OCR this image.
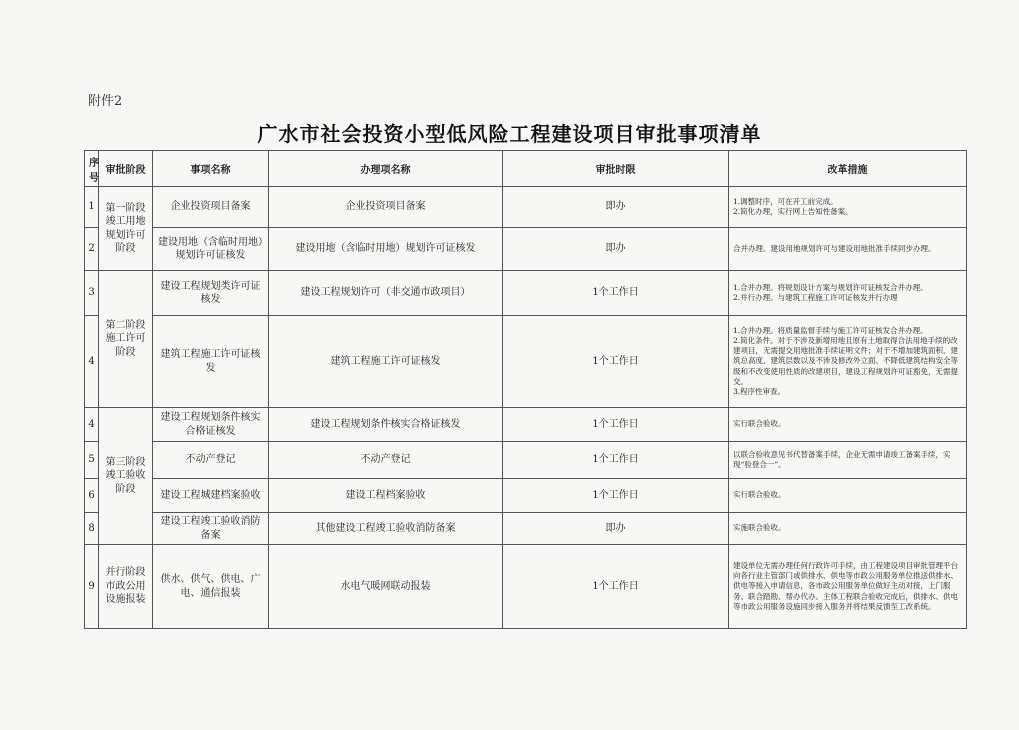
附件2
广水市社会投资小型低风险工程建设项目审批事项清单
序号	审批阶段	事项名称	办理项名称	审批时限	改革措施
1	第一阶段竣工用地规划许可阶段	企业投资项目备案	企业投资项目备案	即办	1.调整时序，可在开工前完成。
2.简化办理，实行网上告知性备案。

2		建设用地（含临时用地）规划许可证核发	建设用地（含临时用地）规划许可证核发	即办	合并办理。建设用地规划许可与建设用地批准手续同步办理。

3	第二阶段施工许可阶段	建设工程规划类许可证核发	建设工程规划许可（非交通市政项目）	1个工作日	1.合并办理。将规划设计方案与规划许可证核发合并办理。
2.并行办理。与建筑工程施工许可证核发并行办理

4		建筑工程施工许可证核发	建筑工程施工许可证核发	1个工作日	1.合并办理。将质量监督手续与施工许可证核发合并办理。
2.简化条件。对于不涉及新增用地且原有土地取得合法用地手续的改建项目，无需提交用地批准手续证明文件；对于不增加建筑面积、建筑总高度、建筑层数以及不涉及修改外立面、不降低建筑结构安全等级和不改变使用性质的改建项目，建设工程规划许可证豁免，无需提交。
3.程序性审查。

4	第三阶段竣工验收阶段	建设工程规划条件核实合格证核发	建设工程规划条件核实合格证核发	1个工作日	实行联合验收。

5		不动产登记	不动产登记	1个工作日	以联合验收意见书代替备案手续，企业无需申请竣工备案手续，实现“验登合一”。

6		建设工程城建档案验收	建设工程档案验收	1个工作日	实行联合验收。

8		建设工程竣工验收消防备案	其他建设工程竣工验收消防备案	即办	实施联合验收。

9	并行阶段市政公用设施报装	供水、供气、供电、广电、通信报装	水电气暖网联动报装	1个工作日	建设单位无需办理任何行政许可手续，由工程建设项目审批管理平台向各行业主管部门或供排水、供电等市政公用服务单位推送供排水、供电等接入申请信息，各市政公用服务单位做好主动对接，上门服务、联合踏勘、帮办代办。主体工程联合验收完成后，供排水、供电等市政公用服务设施同步接入服务并将结果反馈至工改系统。
